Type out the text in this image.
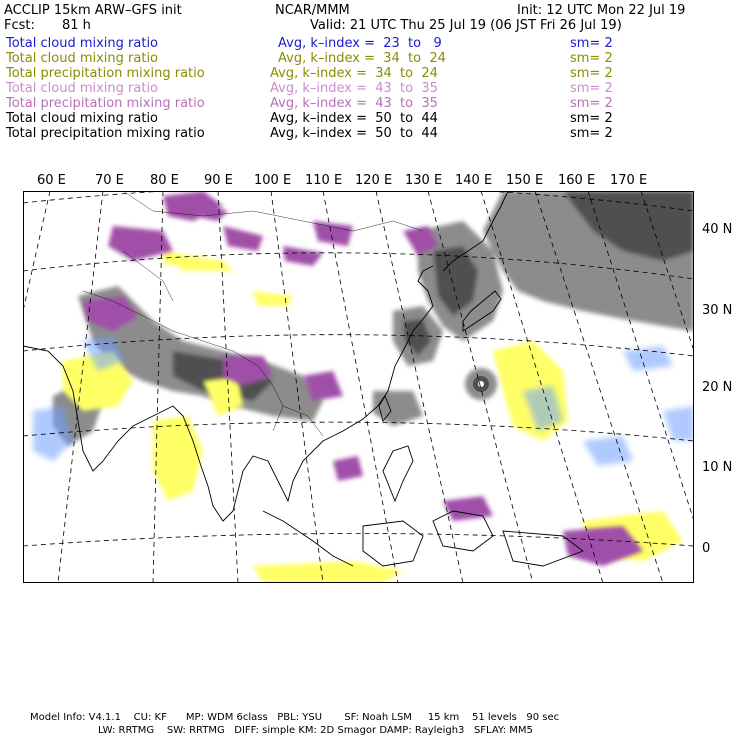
ACCLIP 15km ARW–GFS init	NCAR/MMM	Init: 12 UTC Mon 22 Jul 19
Fcst: 81 h	Valid: 21 UTC Thu 25 Jul 19 (06 JST Fri 26 Jul 19)
Total cloud mixing ratio	Avg, k–index =  23  to   9	sm= 2
Total cloud mixing ratio	Avg, k–index =  34  to  24	sm= 2
Total precipitation mixing ratio	Avg, k–index =  34  to  24	sm= 2
Total cloud mixing ratio	Avg, k–index =  43  to  35	sm= 2
Total precipitation mixing ratio	Avg, k–index =  43  to  35	sm= 2
Total cloud mixing ratio	Avg, k–index =  50  to  44	sm= 2
Total precipitation mixing ratio	Avg, k–index =  50  to  44	sm= 2
60 E 70 E 80 E 90 E 100 E 110 E 120 E 130 E 140 E 150 E 160 E 170 E
40 N
30 N
20 N
10 N
0
Model Info: V4.1.1    CU: KF      MP: WDM 6class   PBL: YSU       SF: Noah LSM     15 km    51 levels   90 sec
LW: RRTMG    SW: RRTMG   DIFF: simple KM: 2D Smagor DAMP: Rayleigh3   SFLAY: MM5
